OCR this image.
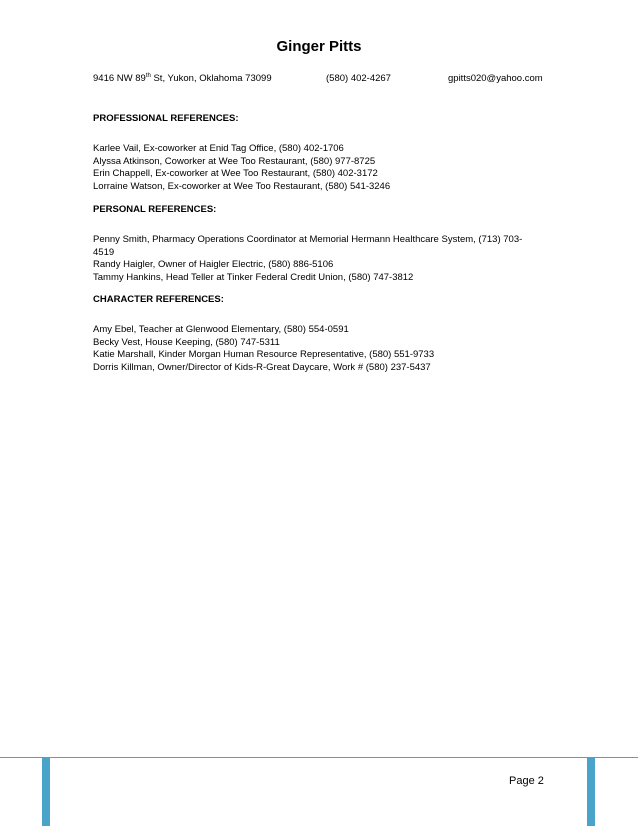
Ginger Pitts
9416 NW 89th St, Yukon, Oklahoma 73099	(580) 402-4267	gpitts020@yahoo.com
PROFESSIONAL REFERENCES:
Karlee Vail, Ex-coworker at Enid Tag Office, (580) 402-1706
Alyssa Atkinson, Coworker at Wee Too Restaurant, (580) 977-8725
Erin Chappell, Ex-coworker at Wee Too Restaurant, (580) 402-3172
Lorraine Watson, Ex-coworker at Wee Too Restaurant, (580) 541-3246
PERSONAL REFERENCES:
Penny Smith, Pharmacy Operations Coordinator at Memorial Hermann Healthcare System, (713) 703-4519
Randy Haigler, Owner of Haigler Electric, (580) 886-5106
Tammy Hankins, Head Teller at Tinker Federal Credit Union, (580) 747-3812
CHARACTER REFERENCES:
Amy Ebel, Teacher at Glenwood Elementary, (580) 554-0591
Becky Vest, House Keeping, (580) 747-5311
Katie Marshall, Kinder Morgan Human Resource Representative, (580) 551-9733
Dorris Killman, Owner/Director of Kids-R-Great Daycare, Work # (580) 237-5437
Page 2
